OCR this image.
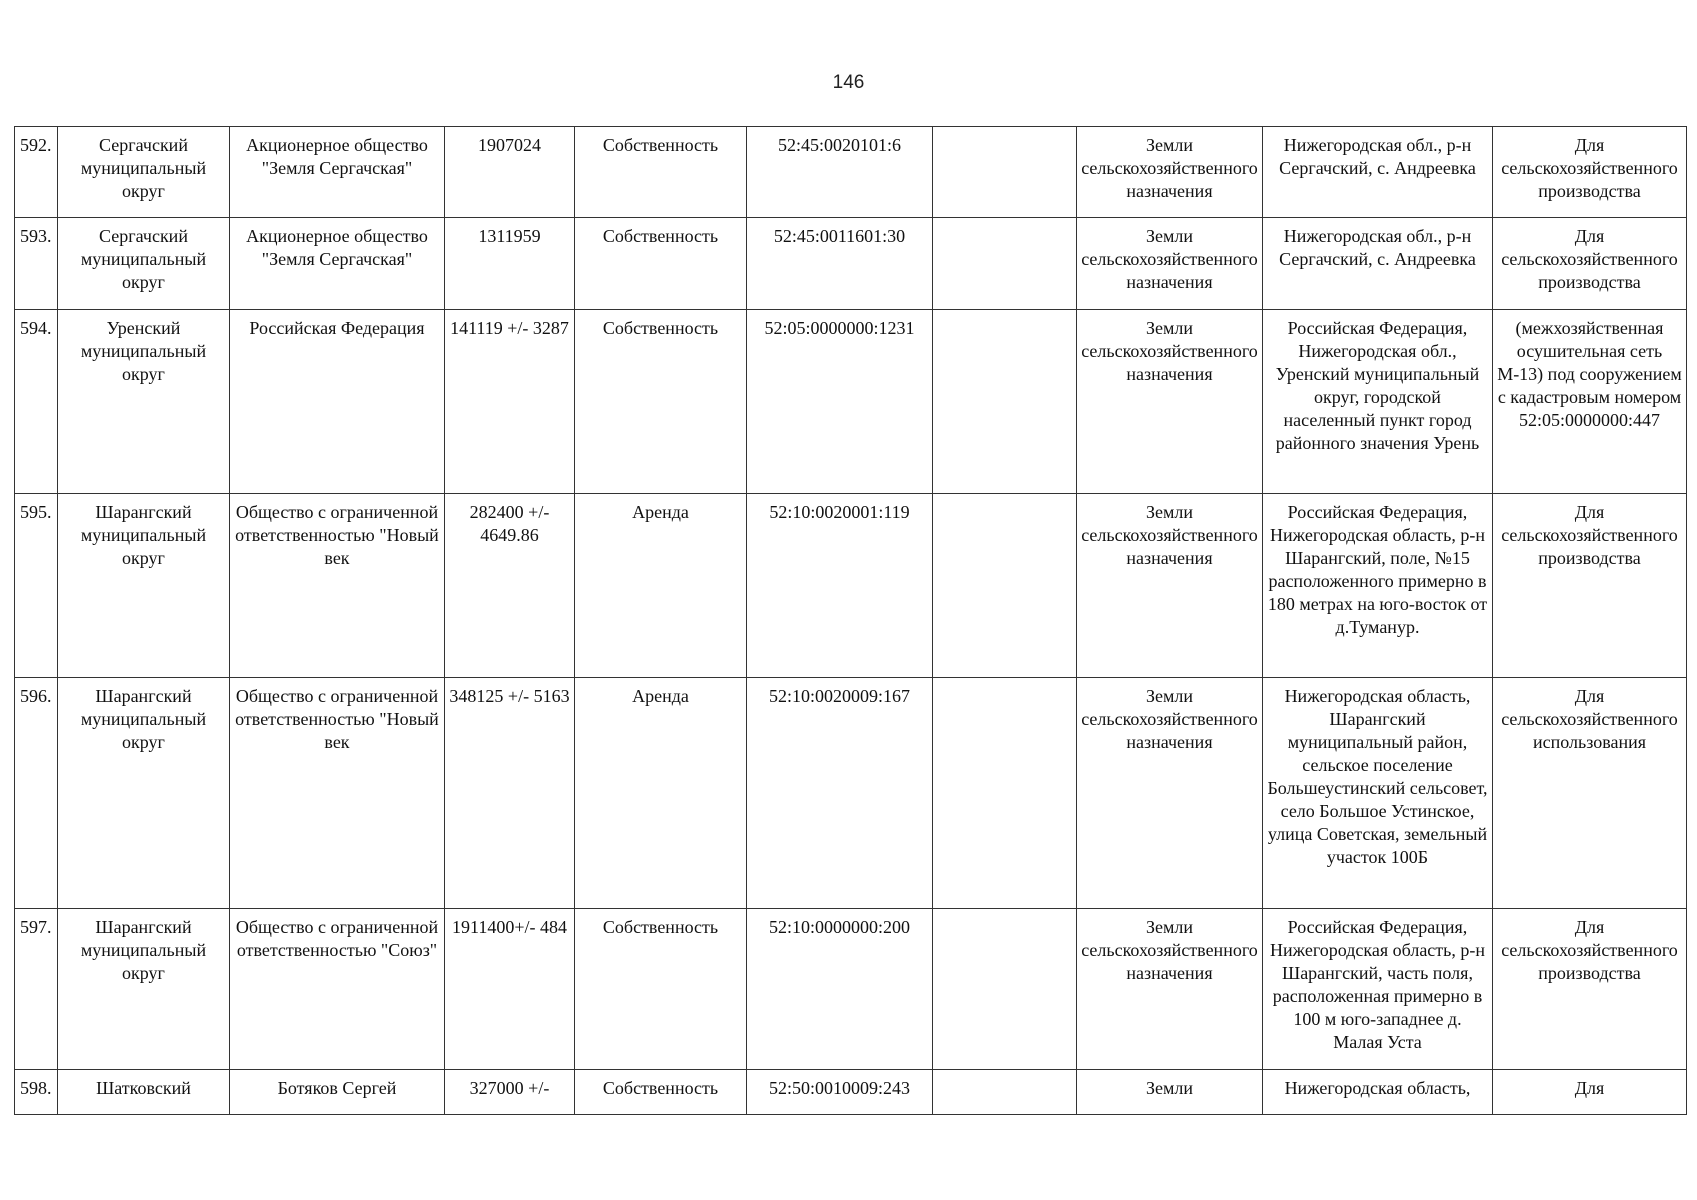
146
592.	Сергачский муниципальный округ	Акционерное общество "Земля Сергачская"	1907024	Собственность	52:45:0020101:6		Земли сельскохозяйственного назначения	Нижегородская обл., р-н Сергачский, с. Андреевка	Для сельскохозяйственного производства
593.	Сергачский муниципальный округ	Акционерное общество "Земля Сергачская"	1311959	Собственность	52:45:0011601:30		Земли сельскохозяйственного назначения	Нижегородская обл., р-н Сергачский, с. Андреевка	Для сельскохозяйственного производства
594.	Уренский муниципальный округ	Российская Федерация	141119 +/- 3287	Собственность	52:05:0000000:1231		Земли сельскохозяйственного назначения	Российская Федерация, Нижегородская обл., Уренский муниципальный округ, городской населенный пункт город районного значения Урень	(межхозяйственная осушительная сеть М-13) под сооружением с кадастровым номером 52:05:0000000:447
595.	Шарангский муниципальный округ	Общество с ограниченной ответственностью "Новый век	282400 +/- 4649.86	Аренда	52:10:0020001:119		Земли сельскохозяйственного назначения	Российская Федерация, Нижегородская область, р-н Шарангский, поле, №15 расположенного примерно в 180 метрах на юго-восток от д.Тумануp.	Для сельскохозяйственного производства
596.	Шарангский муниципальный округ	Общество с ограниченной ответственностью "Новый век	348125 +/- 5163	Аренда	52:10:0020009:167		Земли сельскохозяйственного назначения	Нижегородская область, Шарангский муниципальный район, сельское поселение Большеустинский сельсовет, село Большое Устинское, улица Советская, земельный участок 100Б	Для сельскохозяйственного использования
597.	Шарангский муниципальный округ	Общество с ограниченной ответственностью "Союз"	1911400+/- 484	Собственность	52:10:0000000:200		Земли сельскохозяйственного назначения	Российская Федерация, Нижегородская область, р-н Шарангский, часть поля, расположенная примерно в 100 м юго-западнее д. Малая Уста	Для сельскохозяйственного производства
598.	Шатковский	Ботяков Сергей	327000 +/-	Собственность	52:50:0010009:243		Земли	Нижегородская область,	Для
